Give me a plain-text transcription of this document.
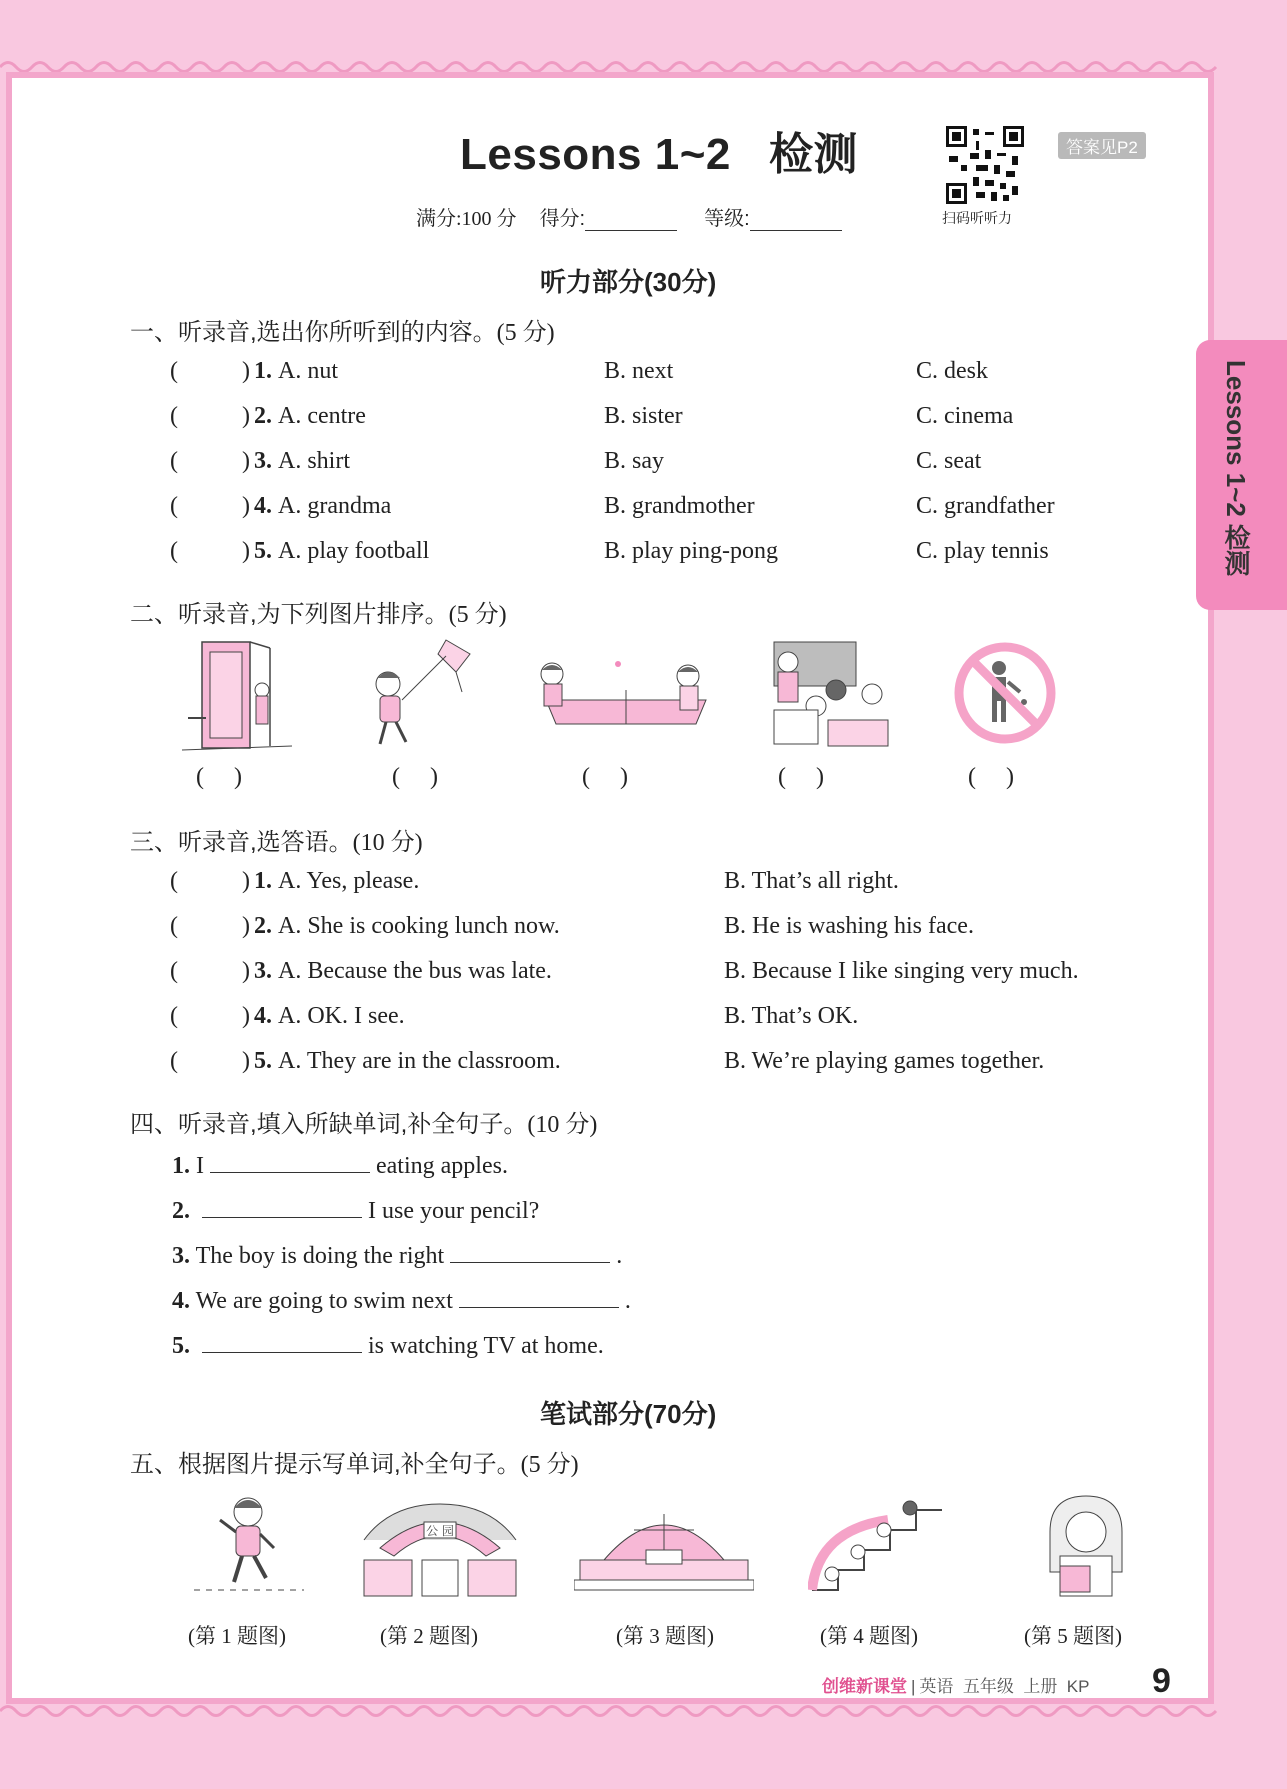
Lessons 1~2   检测
满分:100 分 得分:	等级:	扫码听听力
答案见P2
Lessons 1~2 检测
听力部分(30分)
一、听录音,选出你所听到的内容。(5 分)
(	) 1. A. nut	B. next	C. desk
(	) 2. A. centre	B. sister	C. cinema
(	) 3. A. shirt	B. say	C. seat
(	) 4. A. grandma	B. grandmother	C. grandfather
(	) 5. A. play football	B. play ping-pong	C. play tennis
二、听录音,为下列图片排序。(5 分)
(     )	(     )	(     )	(     )	(     )
三、听录音,选答语。(10 分)
(	) 1. A. Yes, please.	B. That’s all right.
(	) 2. A. She is cooking lunch now.	B. He is washing his face.
(	) 3. A. Because the bus was late.	B. Because I like singing very much.
(	) 4. A. OK. I see.	B. That’s OK.
(	) 5. A. They are in the classroom.	B. We’re playing games together.
四、听录音,填入所缺单词,补全句子。(10 分)
1. I	eating apples.
2.	I use your pencil?
3. The boy is doing the right	.
4. We are going to swim next	.
5.	is watching TV at home.
笔试部分(70分)
五、根据图片提示写单词,补全句子。(5 分)
公 园
(第 1 题图)	(第 2 题图)	(第 3 题图)	(第 4 题图)	(第 5 题图)
创维新课堂 | 英语  五年级  上册  KP 9
